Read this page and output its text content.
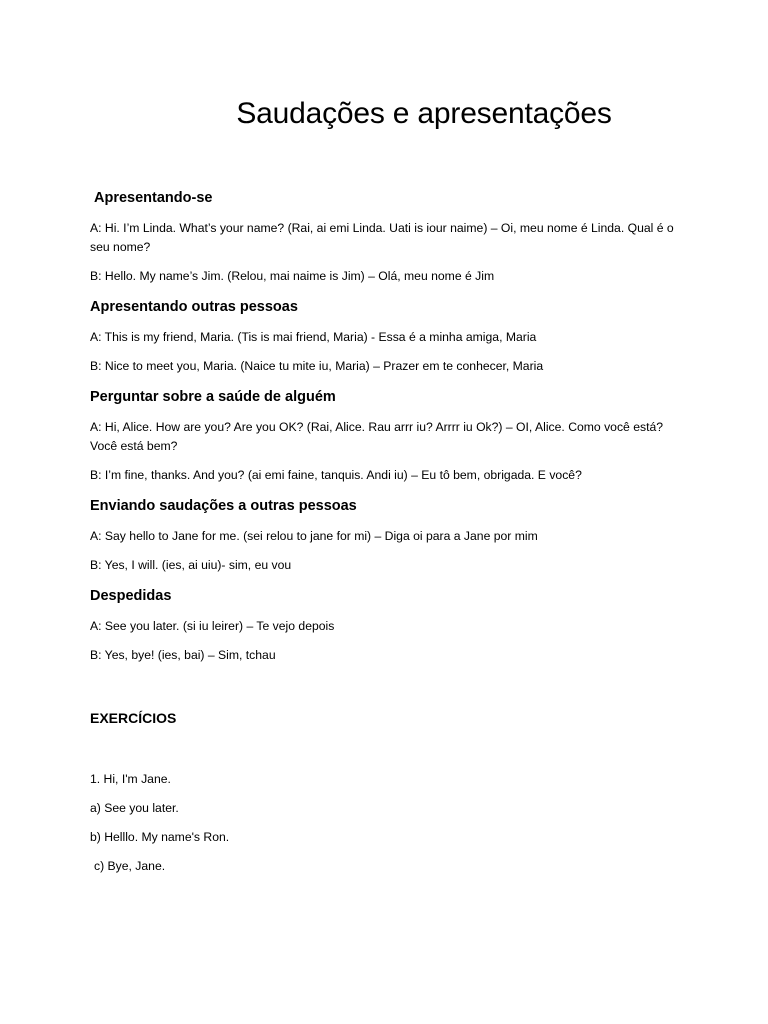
Saudações e apresentações
Apresentando-se

A: Hi. I’m Linda. What’s your name? (Rai, ai emi Linda. Uati is iour naime) – Oi, meu nome é Linda. Qual é o seu nome?

B: Hello. My name’s Jim. (Relou, mai naime is Jim) – Olá, meu nome é Jim

Apresentando outras pessoas

A: This is my friend, Maria. (Tis is mai friend, Maria) - Essa é a minha amiga, Maria

B: Nice to meet you, Maria. (Naice tu mite iu, Maria) – Prazer em te conhecer, Maria

Perguntar sobre a saúde de alguém

A: Hi, Alice. How are you? Are you OK? (Rai, Alice. Rau arrr iu? Arrrr iu Ok?) – OI, Alice. Como você está? Você está bem?

B: I’m fine, thanks. And you? (ai emi faine, tanquis. Andi iu) – Eu tô bem, obrigada. E você?

Enviando saudações a outras pessoas

A: Say hello to Jane for me. (sei relou to jane for mi) – Diga oi para a Jane por mim

B: Yes, I will. (ies, ai uiu)- sim, eu vou

Despedidas

A: See you later. (si iu leirer) – Te vejo depois

B: Yes, bye! (ies, bai) – Sim, tchau

EXERCÍCIOS

1. Hi, I'm Jane.

a) See you later.

b) Helllo. My name's Ron.

c) Bye, Jane.
